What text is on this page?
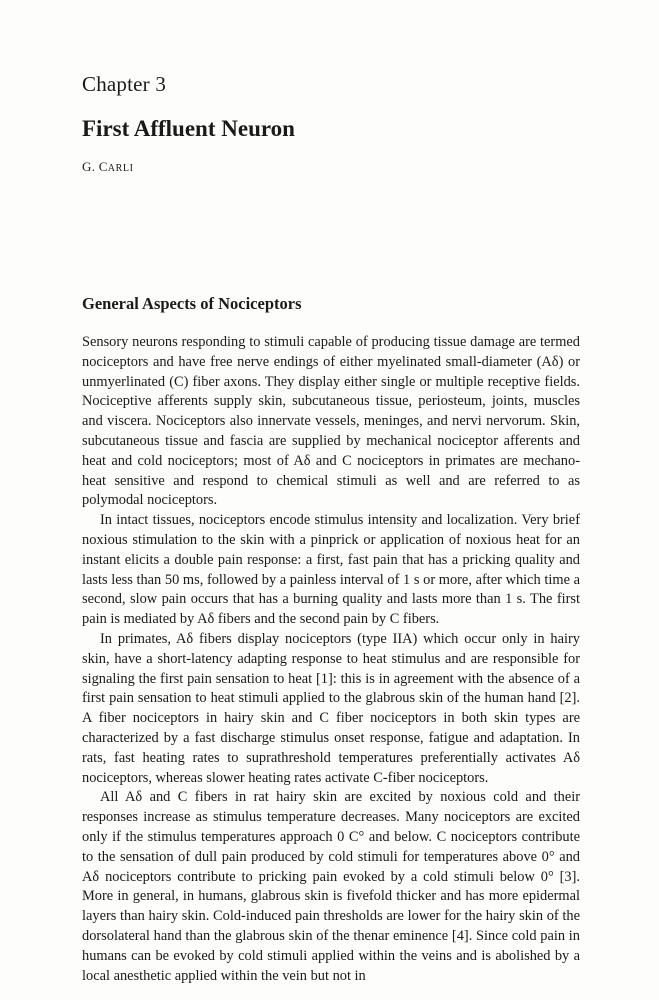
Chapter 3
First Affluent Neuron
G. CARLI
General Aspects of Nociceptors

Sensory neurons responding to stimuli capable of producing tissue damage are termed nociceptors and have free nerve endings of either myelinated small-diameter (Aδ) or unmyerlinated (C) fiber axons. They display either single or multiple receptive fields. Nociceptive afferents supply skin, subcutaneous tissue, periosteum, joints, muscles and viscera. Nociceptors also innervate vessels, meninges, and nervi nervorum. Skin, subcutaneous tissue and fascia are supplied by mechanical nociceptor afferents and heat and cold nociceptors; most of Aδ and C nociceptors in primates are mechano-heat sensitive and respond to chemical stimuli as well and are referred to as polymodal nociceptors.

In intact tissues, nociceptors encode stimulus intensity and localization. Very brief noxious stimulation to the skin with a pinprick or application of noxious heat for an instant elicits a double pain response: a first, fast pain that has a pricking quality and lasts less than 50 ms, followed by a painless interval of 1 s or more, after which time a second, slow pain occurs that has a burning quality and lasts more than 1 s. The first pain is mediated by Aδ fibers and the second pain by C fibers.

In primates, Aδ fibers display nociceptors (type IIA) which occur only in hairy skin, have a short-latency adapting response to heat stimulus and are responsible for signaling the first pain sensation to heat [1]: this is in agreement with the absence of a first pain sensation to heat stimuli applied to the glabrous skin of the human hand [2]. A fiber nociceptors in hairy skin and C fiber nociceptors in both skin types are characterized by a fast discharge stimulus onset response, fatigue and adaptation. In rats, fast heating rates to suprathreshold temperatures preferentially activates Aδ nociceptors, whereas slower heating rates activate C-fiber nociceptors.

All Aδ and C fibers in rat hairy skin are excited by noxious cold and their responses increase as stimulus temperature decreases. Many nociceptors are excited only if the stimulus temperatures approach 0 C° and below. C nociceptors contribute to the sensation of dull pain produced by cold stimuli for temperatures above 0° and Aδ nociceptors contribute to pricking pain evoked by a cold stimuli below 0° [3]. More in general, in humans, glabrous skin is fivefold thicker and has more epidermal layers than hairy skin. Cold-induced pain thresholds are lower for the hairy skin of the dorsolateral hand than the glabrous skin of the thenar eminence [4]. Since cold pain in humans can be evoked by cold stimuli applied within the veins and is abolished by a local anesthetic applied within the vein but not in
